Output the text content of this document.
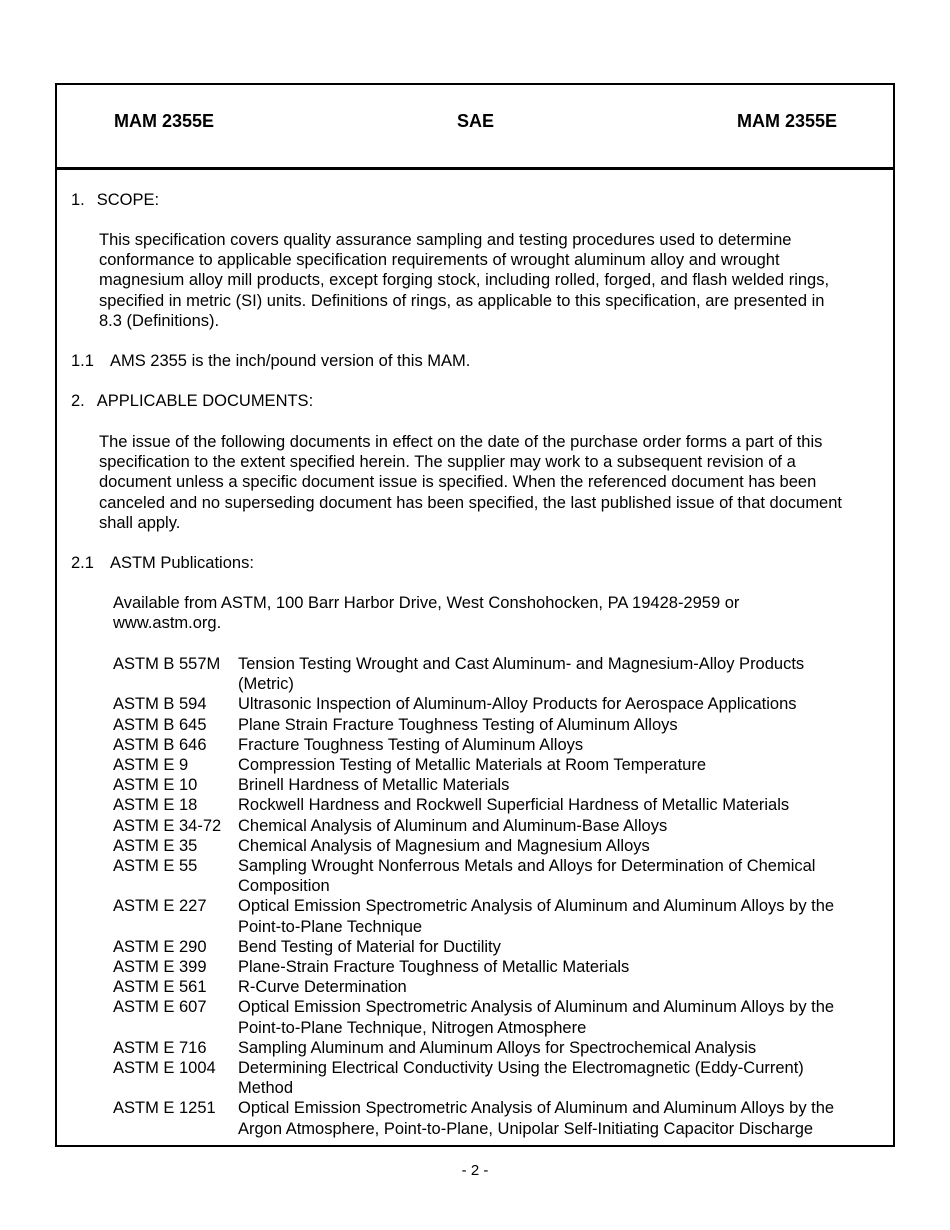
MAM 2355E	SAE	MAM 2355E
1. SCOPE:
This specification covers quality assurance sampling and testing procedures used to determine
conformance to applicable specification requirements of wrought aluminum alloy and wrought
magnesium alloy mill products, except forging stock, including rolled, forged, and flash welded rings,
specified in metric (SI) units. Definitions of rings, as applicable to this specification, are presented in
8.3 (Definitions).
1.1 AMS 2355 is the inch/pound version of this MAM.
2. APPLICABLE DOCUMENTS:
The issue of the following documents in effect on the date of the purchase order forms a part of this
specification to the extent specified herein. The supplier may work to a subsequent revision of a
document unless a specific document issue is specified. When the referenced document has been
canceled and no superseding document has been specified, the last published issue of that document
shall apply.
2.1 ASTM Publications:
Available from ASTM, 100 Barr Harbor Drive, West Conshohocken, PA 19428-2959 or
www.astm.org.
ASTM B 557M	Tension Testing Wrought and Cast Aluminum- and Magnesium-Alloy Products
(Metric)
ASTM B 594	Ultrasonic Inspection of Aluminum-Alloy Products for Aerospace Applications
ASTM B 645	Plane Strain Fracture Toughness Testing of Aluminum Alloys
ASTM B 646	Fracture Toughness Testing of Aluminum Alloys
ASTM E 9	Compression Testing of Metallic Materials at Room Temperature
ASTM E 10	Brinell Hardness of Metallic Materials
ASTM E 18	Rockwell Hardness and Rockwell Superficial Hardness of Metallic Materials
ASTM E 34-72	Chemical Analysis of Aluminum and Aluminum-Base Alloys
ASTM E 35	Chemical Analysis of Magnesium and Magnesium Alloys
ASTM E 55	Sampling Wrought Nonferrous Metals and Alloys for Determination of Chemical
Composition
ASTM E 227	Optical Emission Spectrometric Analysis of Aluminum and Aluminum Alloys by the
Point-to-Plane Technique
ASTM E 290	Bend Testing of Material for Ductility
ASTM E 399	Plane-Strain Fracture Toughness of Metallic Materials
ASTM E 561	R-Curve Determination
ASTM E 607	Optical Emission Spectrometric Analysis of Aluminum and Aluminum Alloys by the
Point-to-Plane Technique, Nitrogen Atmosphere
ASTM E 716	Sampling Aluminum and Aluminum Alloys for Spectrochemical Analysis
ASTM E 1004	Determining Electrical Conductivity Using the Electromagnetic (Eddy-Current)
Method
ASTM E 1251	Optical Emission Spectrometric Analysis of Aluminum and Aluminum Alloys by the
Argon Atmosphere, Point-to-Plane, Unipolar Self-Initiating Capacitor Discharge
- 2 -
